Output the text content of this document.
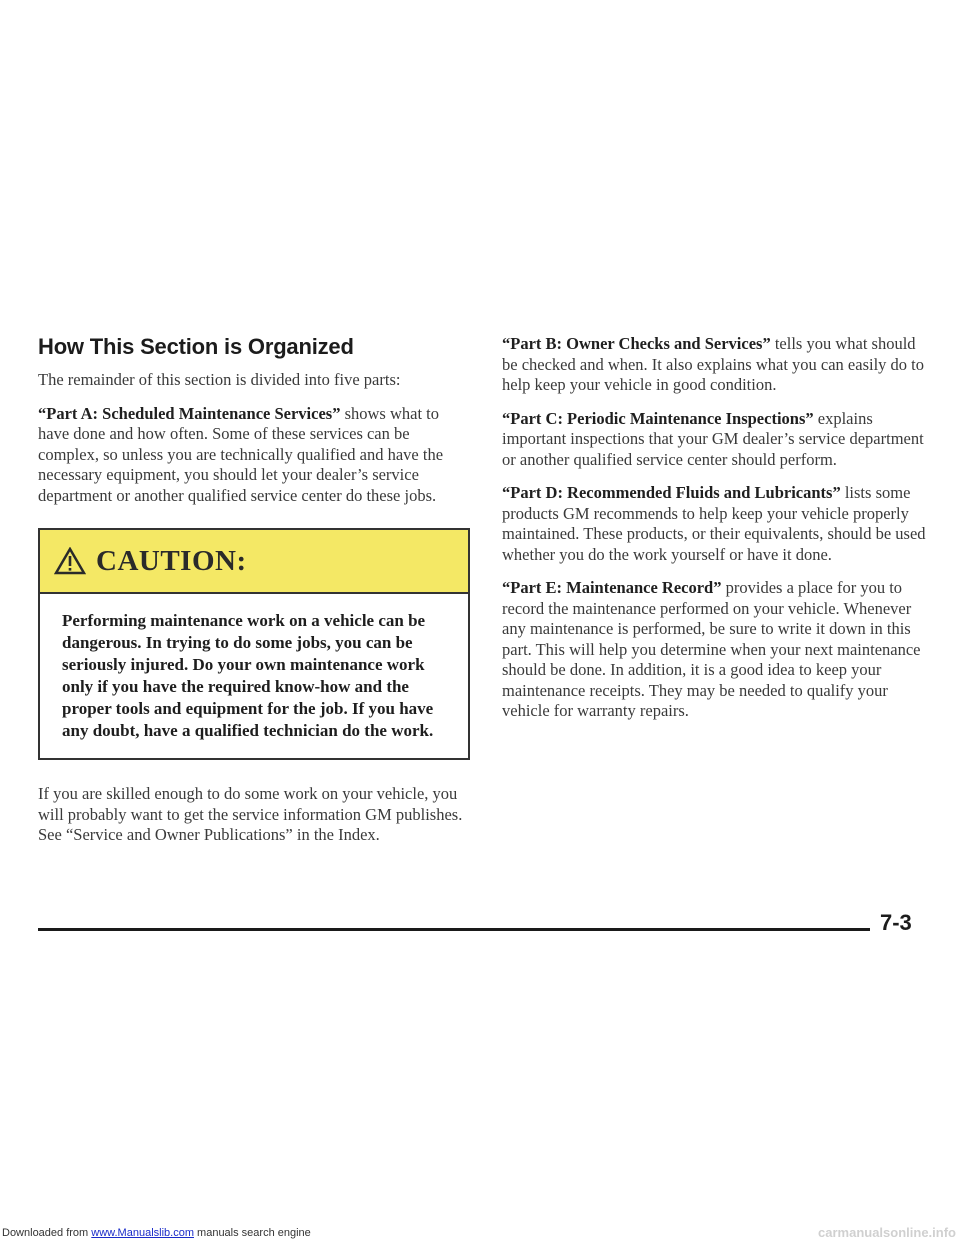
How This Section is Organized

The remainder of this section is divided into five parts:

“Part A: Scheduled Maintenance Services” shows what to have done and how often. Some of these services can be complex, so unless you are technically qualified and have the necessary equipment, you should let your dealer’s service department or another qualified service center do these jobs.

CAUTION:
Performing maintenance work on a vehicle can be dangerous. In trying to do some jobs, you can be seriously injured. Do your own maintenance work only if you have the required know-how and the proper tools and equipment for the job. If you have any doubt, have a qualified technician do the work.

If you are skilled enough to do some work on your vehicle, you will probably want to get the service information GM publishes. See “Service and Owner Publications” in the Index.

“Part B: Owner Checks and Services” tells you what should be checked and when. It also explains what you can easily do to help keep your vehicle in good condition.

“Part C: Periodic Maintenance Inspections” explains important inspections that your GM dealer’s service department or another qualified service center should perform.

“Part D: Recommended Fluids and Lubricants” lists some products GM recommends to help keep your vehicle properly maintained. These products, or their equivalents, should be used whether you do the work yourself or have it done.

“Part E: Maintenance Record” provides a place for you to record the maintenance performed on your vehicle. Whenever any maintenance is performed, be sure to write it down in this part. This will help you determine when your next maintenance should be done. In addition, it is a good idea to keep your maintenance receipts. They may be needed to qualify your vehicle for warranty repairs.

7-3
Downloaded from www.Manualslib.com manuals search engine	carmanualsonline.info
